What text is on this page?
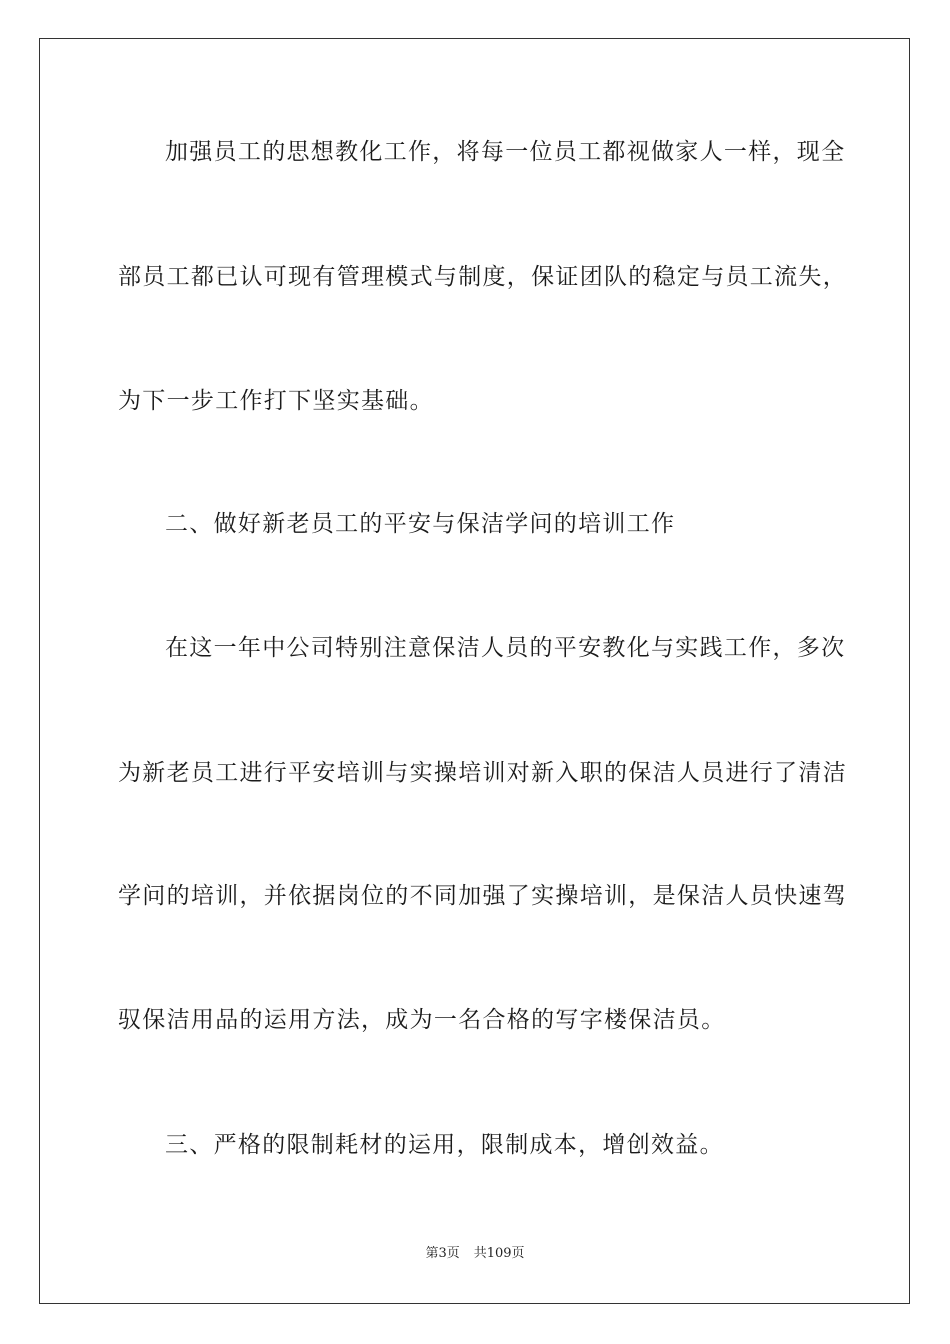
加强员工的思想教化工作，将每一位员工都视做家人一样，现全
部员工都已认可现有管理模式与制度，保证团队的稳定与员工流失，
为下一步工作打下坚实基础。
二、做好新老员工的平安与保洁学问的培训工作
在这一年中公司特别注意保洁人员的平安教化与实践工作，多次
为新老员工进行平安培训与实操培训对新入职的保洁人员进行了清洁
学问的培训，并依据岗位的不同加强了实操培训，是保洁人员快速驾
驭保洁用品的运用方法，成为一名合格的写字楼保洁员。
三、严格的限制耗材的运用，限制成本，增创效益。
第3页 共109页
